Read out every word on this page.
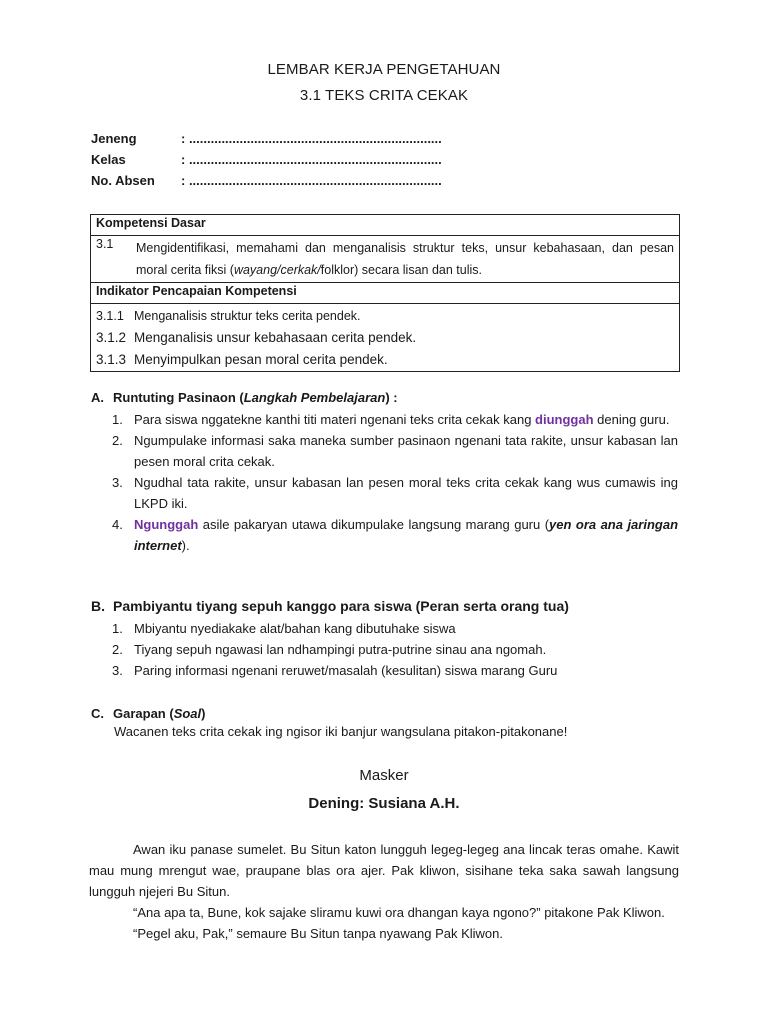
LEMBAR KERJA PENGETAHUAN
3.1 TEKS CRITA CEKAK
Jeneng	: ......................................................................
Kelas	: ......................................................................
No. Absen : ......................................................................
Kompetensi Dasar

3.1	Mengidentifikasi, memahami dan menganalisis struktur teks, unsur kebahasaan, dan pesan moral cerita fiksi (wayang/cerkak/folklor) secara lisan dan tulis.

Indikator Pencapaian Kompetensi

3.1.1 Menganalisis struktur teks cerita pendek.
3.1.2 Menganalisis unsur kebahasaan cerita pendek.
3.1.3 Menyimpulkan pesan moral cerita pendek.
A. Runtuting Pasinaon (Langkah Pembelajaran) :
1. Para siswa nggatekne kanthi titi materi ngenani teks crita cekak kang diunggah dening guru.
2. Ngumpulake informasi saka maneka sumber pasinaon ngenani tata rakite, unsur kabasan lan pesen moral crita cekak.
3. Ngudhal tata rakite, unsur kabasan lan pesen moral teks crita cekak kang wus cumawis ing LKPD iki.
4. Ngunggah asile pakaryan utawa dikumpulake langsung marang guru (yen ora ana jaringan internet).
B. Pambiyantu tiyang sepuh kanggo para siswa (Peran serta orang tua)
1. Mbiyantu nyediakake alat/bahan kang dibutuhake siswa
2. Tiyang sepuh ngawasi lan ndhampingi putra-putrine sinau ana ngomah.
3. Paring informasi ngenani reruwet/masalah (kesulitan) siswa marang Guru
C. Garapan (Soal)
Wacanen teks crita cekak ing ngisor iki banjur wangsulana pitakon-pitakonane!
Masker
Dening: Susiana A.H.

Awan iku panase sumelet. Bu Situn katon lungguh legeg-legeg ana lincak teras omahe. Kawit mau mung mrengut wae, praupane blas ora ajer. Pak kliwon, sisihane teka saka sawah langsung lungguh njejeri Bu Situn.

“Ana apa ta, Bune, kok sajake sliramu kuwi ora dhangan kaya ngono?” pitakone Pak Kliwon.

“Pegel aku, Pak,” semaure Bu Situn tanpa nyawang Pak Kliwon.
